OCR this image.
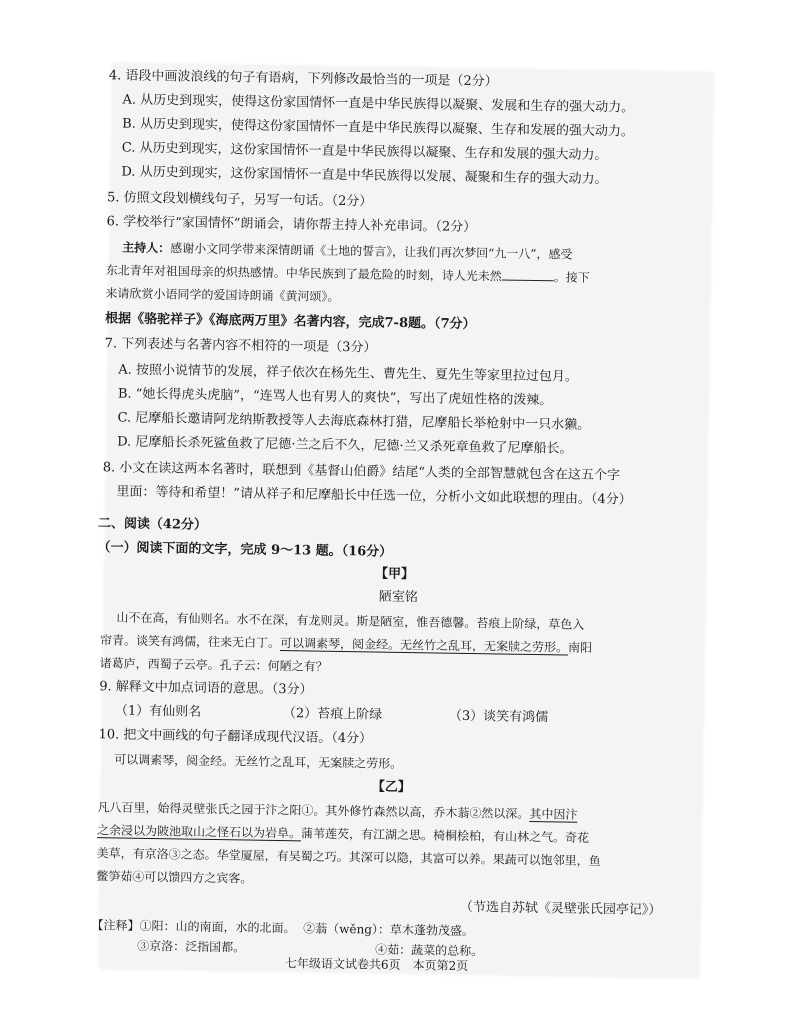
4. 语段中画波浪线的句子有语病，下列修改最恰当的一项是（2分）
A. 从历史到现实，使得这份家国情怀一直是中华民族得以凝聚、发展和生存的强大动力。
B. 从历史到现实，使得这份家国情怀一直是中华民族得以凝聚、生存和发展的强大动力。
C. 从历史到现实，这份家国情怀一直是中华民族得以凝聚、生存和发展的强大动力。
D. 从历史到现实，这份家国情怀一直是中华民族得以发展、凝聚和生存的强大动力。
5. 仿照文段划横线句子，另写一句话。（2分）
6. 学校举行“家国情怀”朗诵会，请你帮主持人补充串词。（2分）
主持人：感谢小文同学带来深情朗诵《土地的誓言》，让我们再次梦回“九一八”，感受
东北青年对祖国母亲的炽热感情。中华民族到了最危险的时刻，诗人光未然	。接下
来请欣赏小语同学的爱国诗朗诵《黄河颂》。
根据《骆驼祥子》《海底两万里》名著内容，完成7-8题。（7分）
7. 下列表述与名著内容不相符的一项是（3分）
A. 按照小说情节的发展，祥子依次在杨先生、曹先生、夏先生等家里拉过包月。
B. “她长得虎头虎脑”，“连骂人也有男人的爽快”，写出了虎妞性格的泼辣。
C. 尼摩船长邀请阿龙纳斯教授等人去海底森林打猎，尼摩船长举枪射中一只水獭。
D. 尼摩船长杀死鲨鱼救了尼德·兰之后不久，尼德·兰又杀死章鱼救了尼摩船长。
8. 小文在读这两本名著时，联想到《基督山伯爵》结尾“人类的全部智慧就包含在这五个字
里面：等待和希望！”请从祥子和尼摩船长中任选一位，分析小文如此联想的理由。（4分）
二、阅读（42分）
（一）阅读下面的文字，完成 9～13 题。（16分）
【甲】
陋室铭
山不在高，有仙则名。水不在深，有龙则灵。斯是陋室，惟吾德馨。苔痕上阶绿，草色入
帘青。谈笑有鸿儒，往来无白丁。可以调素琴，阅金经。无丝竹之乱耳，无案牍之劳形。南阳
诸葛庐，西蜀子云亭。孔子云：何陋之有？
9. 解释文中加点词语的意思。（3分）
（1）有仙则名	（2）苔痕上阶绿	（3）谈笑有鸿儒
10. 把文中画线的句子翻译成现代汉语。（4分）
可以调素琴，阅金经。无丝竹之乱耳，无案牍之劳形。
【乙】
凡八百里，始得灵壁张氏之园于汴之阳①。其外修竹森然以高，乔木蓊②然以深。其中因汴
之余浸以为陂池取山之怪石以为岩阜。蒲苇莲芡，有江湖之思。椅桐桧柏，有山林之气。奇花
美草，有京洛③之态。华堂厦屋，有吴蜀之巧。其深可以隐，其富可以养。果蔬可以饱邻里，鱼
鳖笋茹④可以馈四方之宾客。
（节选自苏轼《灵壁张氏园亭记》）
【注释】①阳：山的南面，水的北面。 ②蓊（wěng）：草木蓬勃茂盛。
③京洛：泛指国都。	④茹：蔬菜的总称。
七年级语文试卷共6页　本页第2页
